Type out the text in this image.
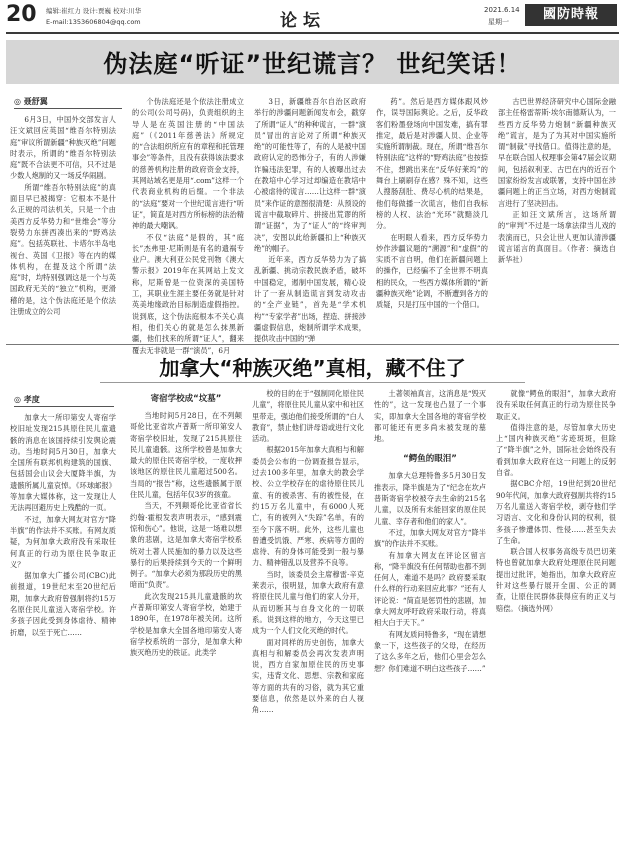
20 编辑:崔红力 设计:贾巍 校对:川华
E-mail:1353606804@qq.com	论坛
2021.6.14
星期一	國防時報
伪法庭“听证”世纪谎言？ 世纪笑话！
◎ 聂舒翼

6月3日，中国外交部发言人汪文斌回应英国“维吾尔特别法庭”审议所谓新疆“种族灭绝”问题时表示，所谓的“维吾尔特别法庭”既不合法更不可信，只不过是少数人炮制的又一场反华闹剧。

所谓“维吾尔特别法庭”的真面目早已被揭穿：它根本不是什么正规的司法机关，只是一个由美西方反华势力和“世维会”等分裂势力东拼西凑出来的“野鸡法庭”。包括英联社、卡塔尔半岛电视台、英国《卫报》等在内的媒体机构，在提及这个所谓“法庭”时，均特别强调这是一个与英国政府无关的“独立”机构，更滑稽的是，这个伪法庭还是个依法注册成立的公司

个伪法庭还是个依法注册成立的公司(公司号码)，负责组织的主导人是在英国注册的“中国法庭”（《2011年慈善法》所规定的“合法组织所应有的章程和托管理事会”等条件，且没有获得该法要求的慈善机构注册的政府资金支持，其网站域名更是用“.com”这样一个代表商业机构的后缀。一个非法的“法庭”要对一个世纪谎言进行“听证”，简直是对西方所标榜的法治精神的最大嘲讽。

不仅“法庭”是假的，其“庭长”杰弗里·尼斯则是有名的遗祸专业户。澳大利亚公民党刊物《澳大警示报》2019年在其网站上发文称，尼斯曾是一位资深的美国特工，其职业生涯主要任务就是针对英美地缘政治目标制造虚假指控。说到底，这个伪法庭根本不关心真相，他们关心的就是怎么抹黑新疆，他们找来的所谓“证人”，翻来覆去无非就是一群“演员”，6月

3日，新疆维吾尔自治区政府举行的涉疆问题新闻发布会，戳穿了所谓“证人”的种种谎言，一群“演员”冒出的言论对了所谓“种族灭绝”的可能性等了，有的人是被中国政府认定的恐怖分子，有的人涉嫌诈骗违法犯罪，有的人被曝出过去在教培中心学习过却编造在教培中心被虐待的谎言……让这样一群“演员”来作证的意图很清楚：从预设的谎言中截取碎片、拼接出荒谬的所谓“证据”，为了“证人”的“终审判决”，安图以此给新疆扣上“种族灭绝”的帽子。

近年来，西方反华势力为了搞乱新疆、挑动宗教民族矛盾，破坏中国稳定，遏制中国发展，精心设计了一套从制造谎言到发动攻击的“全产业链”，首先是“学术机构”“专家学者”出场，捏造、拼接涉疆虚假信息，炮制所谓学术成果，提供攻击中国的“弹

药”。然后是西方媒体跟风炒作，误导国际舆论。之后，反华政客们粉墨登场向中国发难，搞有罪推定，最后是对涉疆人员、企业等实施所谓制裁。现在，所谓“维吾尔特别法庭”这样的“野鸡法庭”也按捺不住，想跳出来在“反华好莱坞”的舞台上刷刷存在感？殊不知，这些人搜肠刮肚、费尽心机的结果是，他们每做播一次谎言，他们自我标榜的人权、法治“光环”就黯淡几分。

在明眼人看来，西方反华势力炒作涉疆议题的“溯源”和“虚假”的实质不言自明，他们在新疆问题上的操作，已经骗不了全世界不明真相的民众，一些西方媒体所谓的“新疆种族灭绝”论调，不断遭到各方的质疑，只是打压中国的一个借口。

古巴世界经济研究中心国际金融部主任格雷蒂斯·埃尔南德斯认为，一些西方反华势力炮制“新疆种族灭绝”谎言，是为了为其对中国实施所谓“制裁”寻找借口。值得注意的是，早在联合国人权理事会第47届会议期间，包括叙利亚、古巴在内的近百个国家纷纷发言或联署，支持中国在涉疆问题上的正当立场，对西方炮制谎言进行了坚决回击。

正如汪文斌所言，这场所谓的“审判”不过是一场拿法律当儿戏的表演而已，只会让世人更加认清涉疆谎言谣言的真面目。（作者：摘选自新华社）

加拿大“种族灭绝”真相，藏不住了
◎ 孝度

加拿大一所印第安人寄宿学校旧址发现215具原住民儿童遗骸的消息在该国持续引发舆论震动。当地时间5月30日，加拿大全国所有联邦机构建筑的国旗、包括国会山议会大厦降半旗，为遗骸所属儿童哀悼。《环球邮报》等加拿大媒体称，这一发现让人无法再回避历史上残酷的一页。

不过，加拿大网友对官方“降半旗”的作法并不买账。有网友质疑，为何加拿大政府没有采取任何真正的行动为原住民争取正义？

据加拿大广播公司(CBC)此前报道，19世纪末至20世纪后期，加拿大政府曾强制将约15万名原住民儿童送入寄宿学校。许多孩子因此受到身体虐待、精神折磨，以至于死亡……

寄宿学校成“坟墓”

当地时间5月28日，在不列颠哥伦比亚省坎卢普斯一所印第安人寄宿学校旧址，发现了215具原住民儿童遗骸。这所学校曾是加拿大最大的原住民寄宿学校，一度收押该地区的原住民儿童超过500名。当局的“报告”称，这些遗骸属于原住民儿童，包括年仅3岁的孩童。

当天，不列颠哥伦比亚省省长约翰·霍根发表声明表示，“感到震惊和伤心”。他说，这是一场难以想象的悲剧，这是加拿大寄宿学校系统对土著人民施加的暴力以及这些暴行的后果持续到今天的一个鲜明例子。“加拿大必须为那段历史的黑暗而“负责”。

此次发现215具儿童遗骸的坎卢普斯印第安人寄宿学校，始建于1890年，在1978年被关闭。这所学校是加拿大全国各地印第安人寄宿学校系统的一部分，是加拿大种族灭绝历史的铁证。此类学

校的目的在于“强制同化原住民儿童”，将原住民儿童从家中和社区里带走，强迫他们接受所谓的“白人教育”，禁止他们讲母语或进行文化活动。

根据2015年加拿大真相与和解委员会公布的一份调查报告显示，过去100多年里，加拿大的教会学校、公立学校存在的虐待原住民儿童、有的被杀害、有的被性侵，在约15万名儿童中，有6000人死亡，有的被列入“失踪”名单，有的至今下落不明。此外，这些儿童也曾遭受饥饿、严寒、疾病等方面的虐待、有的身体可能受到一般与暴力、精神错乱以及营养不良等。

当时，该委员会主席穆雷·辛克莱表示，很明显，加拿大政府有意将原住民儿童与他们的家人分开，从而切断其与自身文化的一切联系。说到这样的地方，今天这里已成为一个人们文化灭绝的时代。

面对同样的历史创伤，加拿大真相与和解委员会再次发表声明说，西方自家加原住民的历史事实，违背文化、思想、宗教和家庭等方面的共有的习俗，就为其它重要信息，依然是以外来的白人视角……

土著领袖真言，这消息是“毁灭性的”，这一发现也凸显了一个事实，即加拿大全国各地的寄宿学校都可能还有更多尚未被发现的墓地。

“鳄鱼的眼泪”

加拿大总理特鲁多5月30日发推表示，降半旗是为了“纪念在坎卢普斯寄宿学校被夺去生命的215名儿童，以及所有未能回家的原住民儿童、幸存者和他们的家人”。

不过，加拿大网友对官方“降半旗”的作法并不买账。

有加拿大网友在评论区留言称，“降半旗没有任何帮助也都不到任何人，难道不是吗？政府要采取什么样的行动来回应此事？”还有人评论说：“简直是惩罚性的悲剧，加拿大网友呼吁政府采取行动，将真相大白于天下。”

有网友质问特鲁多，“现在请想象一下，这些孩子的父母，在经历了这么多年之后，他们心里会怎么想？你们难道不明白这些孩子……”

就像“鳄鱼的眼泪”，加拿大政府没有采取任何真正的行动为原住民争取正义。

值得注意的是，尽管加拿大历史上“国内种族灭绝”劣迹斑斑，但除了“降半旗”之外，国际社会始终没有看到加拿大政府在这一问题上的反躬自省。

据CBC介绍，19世纪到20世纪90年代间，加拿大政府强制共将约15万名儿童送入寄宿学校，剥夺他们学习语言、文化和身份认同的权利，很多孩子惨遭体罚、性侵……甚至失去了生命。

联合国人权事务高级专员巴切莱特也曾就加拿大政府处理原住民问题提出过批评，她指出，加拿大政府应针对这些暴行展开全面、公正的调查，让原住民群体获得应有的正义与赔偿。（摘选外网）
